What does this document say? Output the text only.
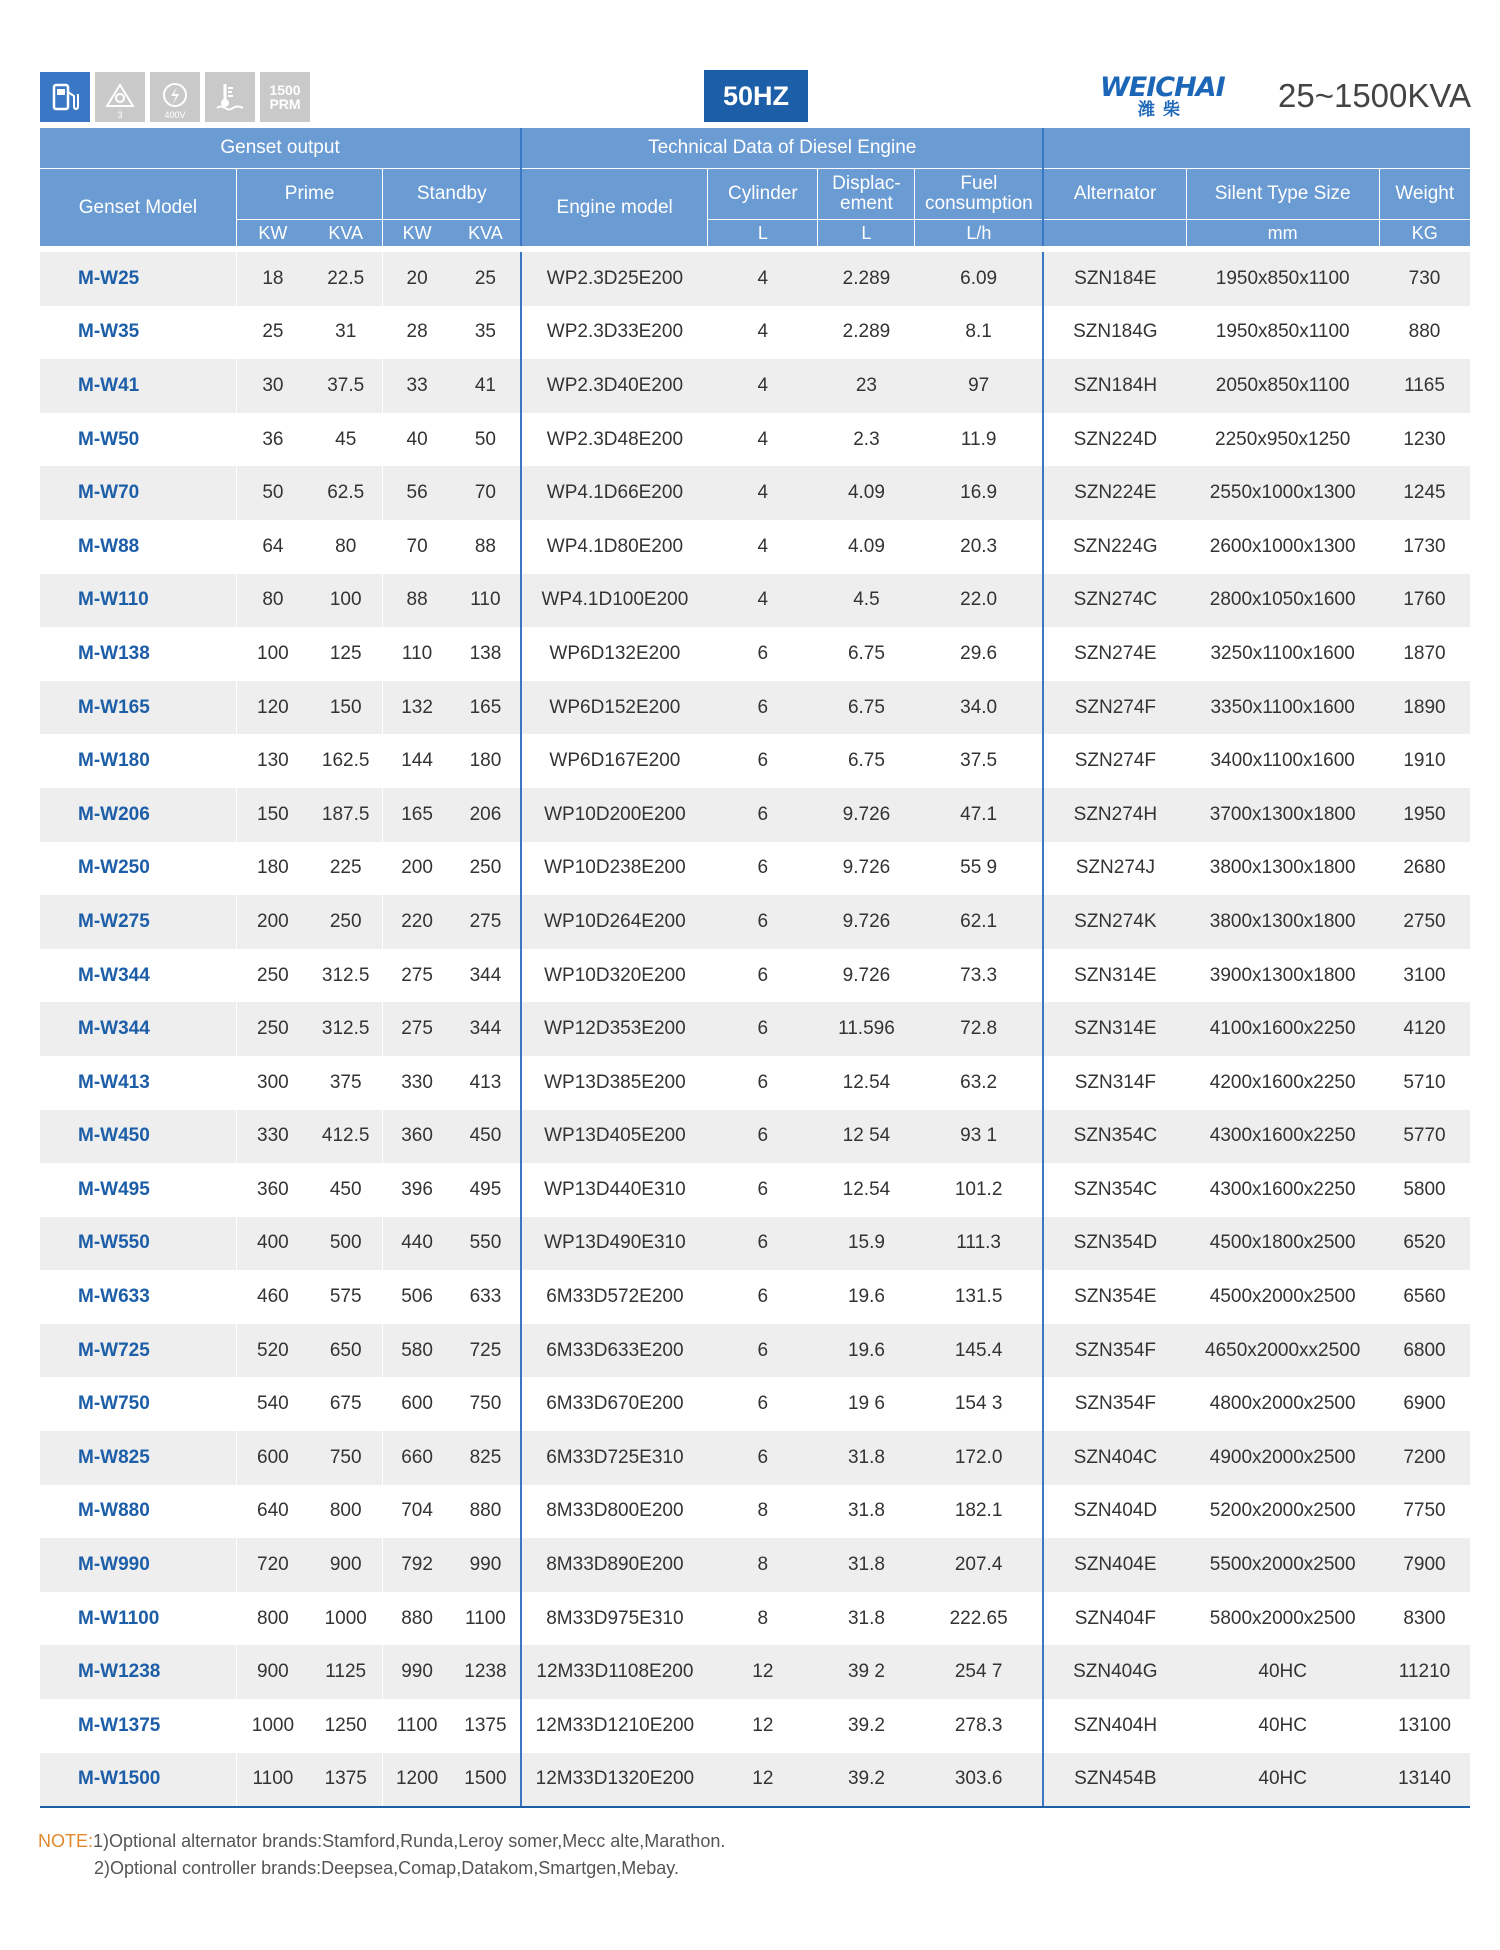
3	400V
1500
PRM	50HZ	WEICHAI
潍柴	25~1500KVA
Genset output					Technical Data of Diesel Engine						
Genset Model	Prime		Standby		Engine model	Cylinder	Displac-ement	Fuel consumption	Alternator	Silent Type Size	Weight
	KW	KVA	KW	KVA		L	L	L/h		mm	KG

M-W25	18	22.5	20	25	WP2.3D25E200	4	2.289	6.09	SZN184E	1950x850x1100	730
M-W35	25	31	28	35	WP2.3D33E200	4	2.289	8.1	SZN184G	1950x850x1100	880
M-W41	30	37.5	33	41	WP2.3D40E200	4	23	97	SZN184H	2050x850x1100	1165
M-W50	36	45	40	50	WP2.3D48E200	4	2.3	11.9	SZN224D	2250x950x1250	1230
M-W70	50	62.5	56	70	WP4.1D66E200	4	4.09	16.9	SZN224E	2550x1000x1300	1245
M-W88	64	80	70	88	WP4.1D80E200	4	4.09	20.3	SZN224G	2600x1000x1300	1730
M-W110	80	100	88	110	WP4.1D100E200	4	4.5	22.0	SZN274C	2800x1050x1600	1760
M-W138	100	125	110	138	WP6D132E200	6	6.75	29.6	SZN274E	3250x1100x1600	1870
M-W165	120	150	132	165	WP6D152E200	6	6.75	34.0	SZN274F	3350x1100x1600	1890
M-W180	130	162.5	144	180	WP6D167E200	6	6.75	37.5	SZN274F	3400x1100x1600	1910
M-W206	150	187.5	165	206	WP10D200E200	6	9.726	47.1	SZN274H	3700x1300x1800	1950
M-W250	180	225	200	250	WP10D238E200	6	9.726	55 9	SZN274J	3800x1300x1800	2680
M-W275	200	250	220	275	WP10D264E200	6	9.726	62.1	SZN274K	3800x1300x1800	2750
M-W344	250	312.5	275	344	WP10D320E200	6	9.726	73.3	SZN314E	3900x1300x1800	3100
M-W344	250	312.5	275	344	WP12D353E200	6	11.596	72.8	SZN314E	4100x1600x2250	4120
M-W413	300	375	330	413	WP13D385E200	6	12.54	63.2	SZN314F	4200x1600x2250	5710
M-W450	330	412.5	360	450	WP13D405E200	6	12 54	93 1	SZN354C	4300x1600x2250	5770
M-W495	360	450	396	495	WP13D440E310	6	12.54	101.2	SZN354C	4300x1600x2250	5800
M-W550	400	500	440	550	WP13D490E310	6	15.9	111.3	SZN354D	4500x1800x2500	6520
M-W633	460	575	506	633	6M33D572E200	6	19.6	131.5	SZN354E	4500x2000x2500	6560
M-W725	520	650	580	725	6M33D633E200	6	19.6	145.4	SZN354F	4650x2000xx2500	6800
M-W750	540	675	600	750	6M33D670E200	6	19 6	154 3	SZN354F	4800x2000x2500	6900
M-W825	600	750	660	825	6M33D725E310	6	31.8	172.0	SZN404C	4900x2000x2500	7200
M-W880	640	800	704	880	8M33D800E200	8	31.8	182.1	SZN404D	5200x2000x2500	7750
M-W990	720	900	792	990	8M33D890E200	8	31.8	207.4	SZN404E	5500x2000x2500	7900
M-W1100	800	1000	880	1100	8M33D975E310	8	31.8	222.65	SZN404F	5800x2000x2500	8300
M-W1238	900	1125	990	1238	12M33D1108E200	12	39 2	254 7	SZN404G	40HC	11210
M-W1375	1000	1250	1100	1375	12M33D1210E200	12	39.2	278.3	SZN404H	40HC	13100
M-W1500	1100	1375	1200	1500	12M33D1320E200	12	39.2	303.6	SZN454B	40HC	13140
NOTE:1)Optional alternator brands:Stamford,Runda,Leroy somer,Mecc alte,Marathon.
2)Optional controller brands:Deepsea,Comap,Datakom,Smartgen,Mebay.
